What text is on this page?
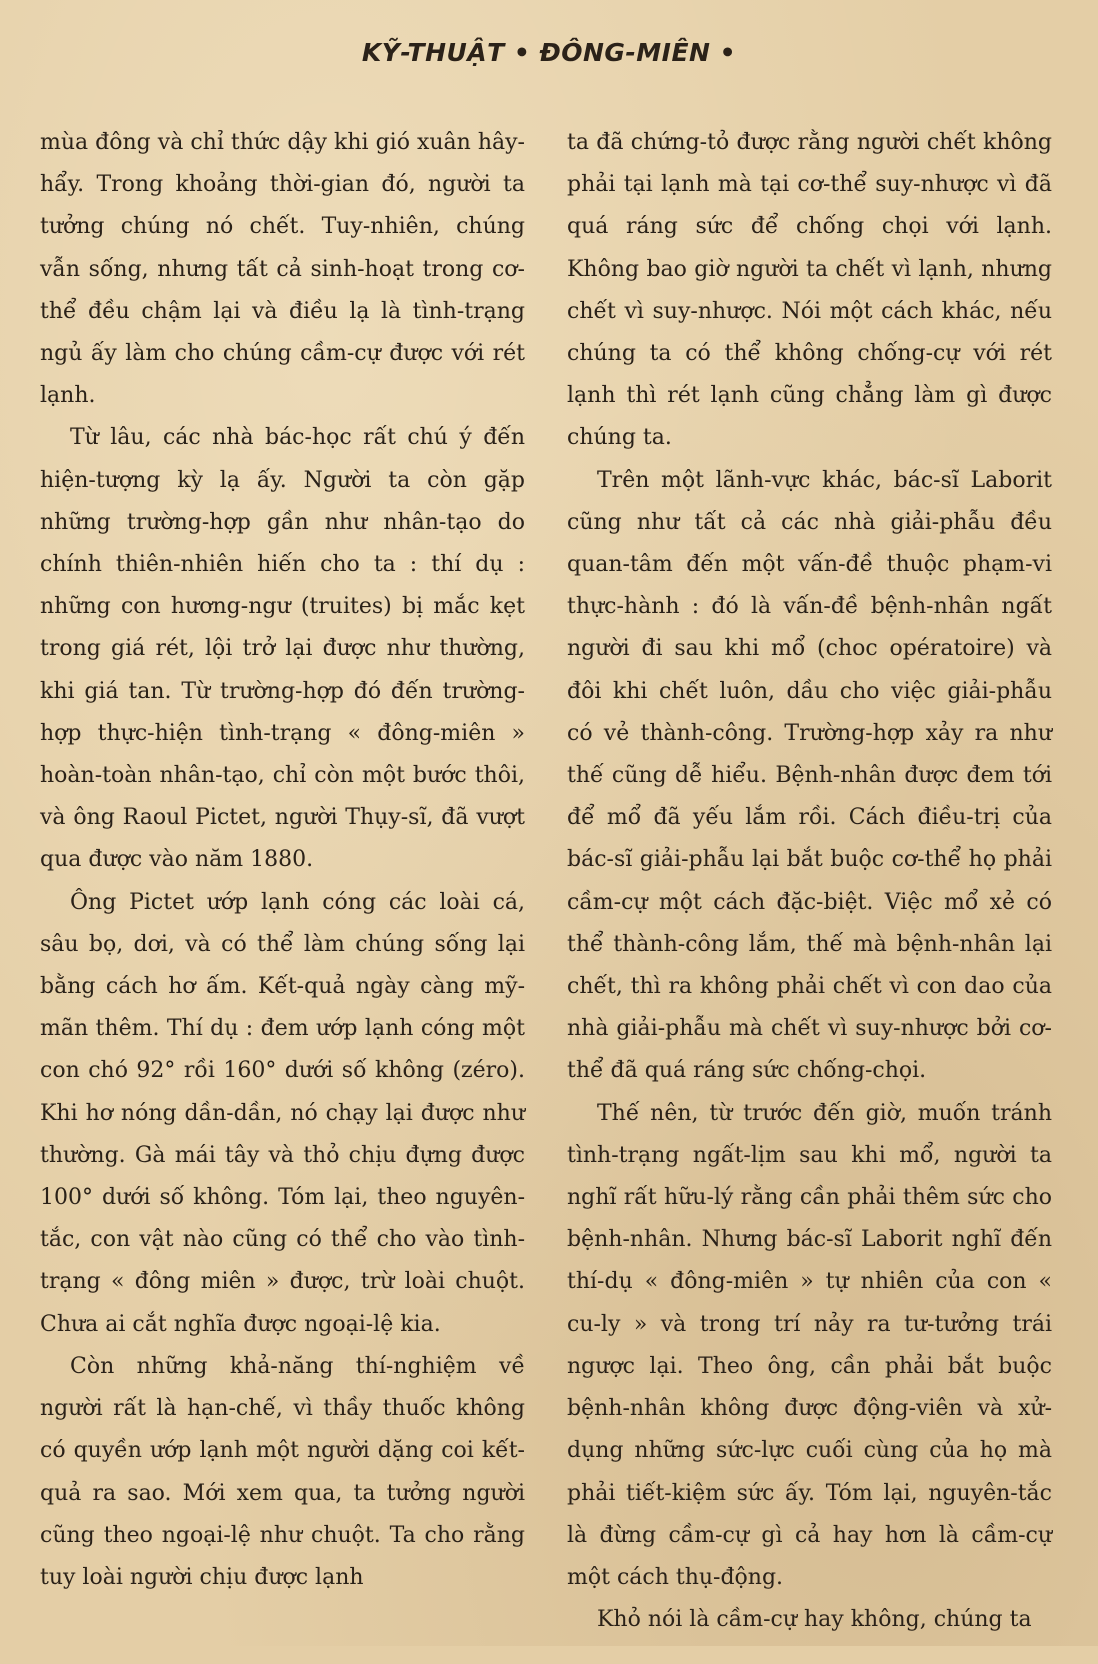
KỸ-THUẬT • ĐÔNG-MIÊN •

mùa đông và chỉ thức dậy khi gió xuân hây-hẩy. Trong khoảng thời-gian đó, người ta tưởng chúng nó chết. Tuy-nhiên, chúng vẫn sống, nhưng tất cả sinh-hoạt trong cơ-thể đều chậm lại và điều lạ là tình-trạng ngủ ấy làm cho chúng cầm-cự được với rét lạnh.

Từ lâu, các nhà bác-học rất chú ý đến hiện-tượng kỳ lạ ấy. Người ta còn gặp những trường-hợp gần như nhân-tạo do chính thiên-nhiên hiến cho ta : thí dụ : những con hương-ngư (truites) bị mắc kẹt trong giá rét, lội trở lại được như thường, khi giá tan. Từ trường-hợp đó đến trường-hợp thực-hiện tình-trạng « đông-miên » hoàn-toàn nhân-tạo, chỉ còn một bước thôi, và ông Raoul Pictet, người Thụy-sĩ, đã vượt qua được vào năm 1880.

Ông Pictet ướp lạnh cóng các loài cá, sâu bọ, dơi, và có thể làm chúng sống lại bằng cách hơ ấm. Kết-quả ngày càng mỹ-mãn thêm. Thí dụ : đem ướp lạnh cóng một con chó 92° rồi 160° dưới số không (zéro). Khi hơ nóng dần-dần, nó chạy lại được như thường. Gà mái tây và thỏ chịu đựng được 100° dưới số không. Tóm lại, theo nguyên-tắc, con vật nào cũng có thể cho vào tình-trạng « đông miên » được, trừ loài chuột. Chưa ai cắt nghĩa được ngoại-lệ kia.

Còn những khả-năng thí-nghiệm về người rất là hạn-chế, vì thầy thuốc không có quyền ướp lạnh một người dặng coi kết-quả ra sao. Mới xem qua, ta tưởng người cũng theo ngoại-lệ như chuột. Ta cho rằng tuy loài người chịu được lạnh

ta đã chứng-tỏ được rằng người chết không phải tại lạnh mà tại cơ-thể suy-nhược vì đã quá ráng sức để chống chọi với lạnh. Không bao giờ người ta chết vì lạnh, nhưng chết vì suy-nhược. Nói một cách khác, nếu chúng ta có thể không chống-cự với rét lạnh thì rét lạnh cũng chẳng làm gì được chúng ta.

Trên một lãnh-vực khác, bác-sĩ Laborit cũng như tất cả các nhà giải-phẫu đều quan-tâm đến một vấn-đề thuộc phạm-vi thực-hành : đó là vấn-đề bệnh-nhân ngất người đi sau khi mổ (choc opératoire) và đôi khi chết luôn, dầu cho việc giải-phẫu có vẻ thành-công. Trường-hợp xảy ra như thế cũng dễ hiểu. Bệnh-nhân được đem tới để mổ đã yếu lắm rồi. Cách điều-trị của bác-sĩ giải-phẫu lại bắt buộc cơ-thể họ phải cầm-cự một cách đặc-biệt. Việc mổ xẻ có thể thành-công lắm, thế mà bệnh-nhân lại chết, thì ra không phải chết vì con dao của nhà giải-phẫu mà chết vì suy-nhược bởi cơ-thể đã quá ráng sức chống-chọi.

Thế nên, từ trước đến giờ, muốn tránh tình-trạng ngất-lịm sau khi mổ, người ta nghĩ rất hữu-lý rằng cần phải thêm sức cho bệnh-nhân. Nhưng bác-sĩ Laborit nghĩ đến thí-dụ « đông-miên » tự nhiên của con « cu-ly » và trong trí nảy ra tư-tưởng trái ngược lại. Theo ông, cần phải bắt buộc bệnh-nhân không được động-viên và xử-dụng những sức-lực cuối cùng của họ mà phải tiết-kiệm sức ấy. Tóm lại, nguyên-tắc là đừng cầm-cự gì cả hay hơn là cầm-cự một cách thụ-động.

Khỏ nói là cầm-cự hay không, chúng ta
